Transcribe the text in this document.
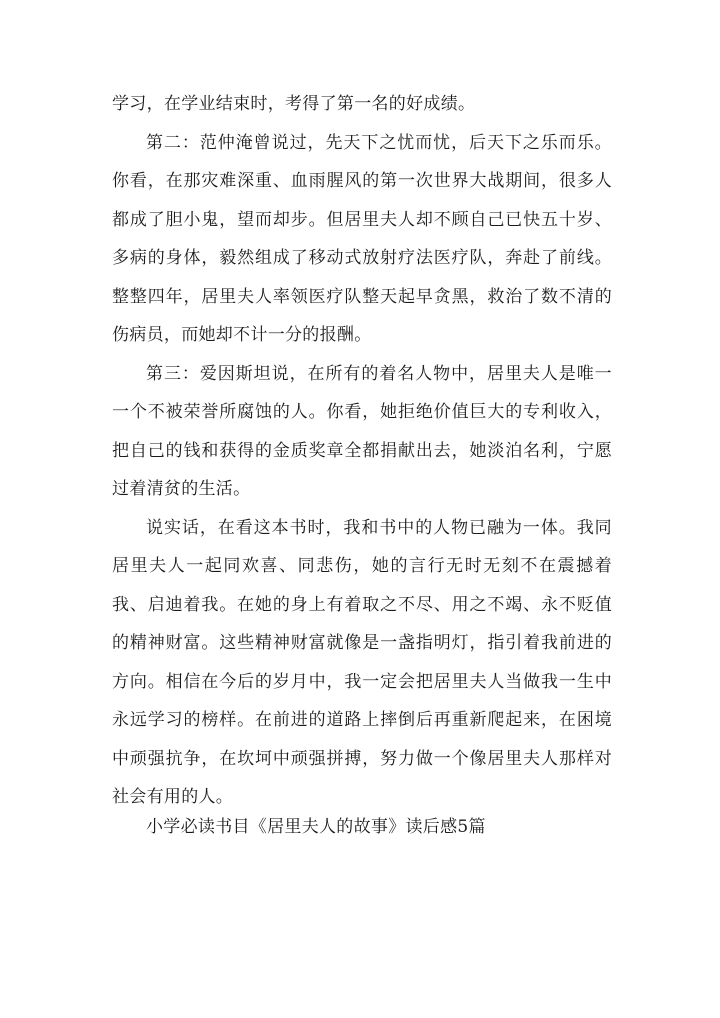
学习，在学业结束时，考得了第一名的好成绩。

第二：范仲淹曾说过，先天下之忧而忧，后天下之乐而乐。你看，在那灾难深重、血雨腥风的第一次世界大战期间，很多人都成了胆小鬼，望而却步。但居里夫人却不顾自己已快五十岁、多病的身体，毅然组成了移动式放射疗法医疗队，奔赴了前线。整整四年，居里夫人率领医疗队整天起早贪黑，救治了数不清的伤病员，而她却不计一分的报酬。

第三：爱因斯坦说，在所有的着名人物中，居里夫人是唯一一个不被荣誉所腐蚀的人。你看，她拒绝价值巨大的专利收入，把自己的钱和获得的金质奖章全都捐献出去，她淡泊名利，宁愿过着清贫的生活。

说实话，在看这本书时，我和书中的人物已融为一体。我同居里夫人一起同欢喜、同悲伤，她的言行无时无刻不在震撼着我、启迪着我。在她的身上有着取之不尽、用之不竭、永不贬值的精神财富。这些精神财富就像是一盏指明灯，指引着我前进的方向。相信在今后的岁月中，我一定会把居里夫人当做我一生中永远学习的榜样。在前进的道路上摔倒后再重新爬起来，在困境中顽强抗争，在坎坷中顽强拼搏，努力做一个像居里夫人那样对社会有用的人。

小学必读书目《居里夫人的故事》读后感5篇
